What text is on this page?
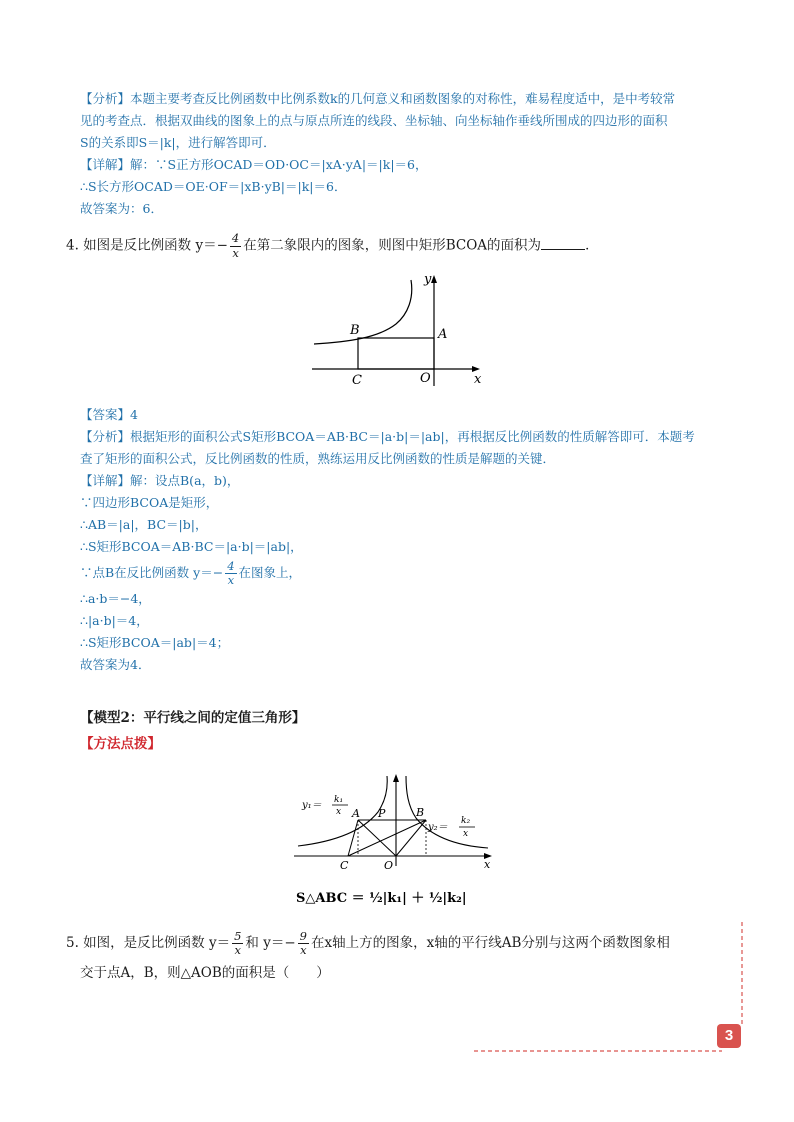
【分析】本题主要考查反比例函数中比例系数k的几何意义和函数图象的对称性，难易程度适中，是中考较常
见的考查点．根据双曲线的图象上的点与原点所连的线段、坐标轴、向坐标轴作垂线所围成的四边形的面积
S的关系即S＝|k|，进行解答即可．
【详解】解：∵S正方形OCAD＝OD·OC＝|xA·yA|＝|k|＝6，
∴S长方形OCAD＝OE·OF＝|xB·yB|＝|k|＝6．
故答案为：6．
4. 如图是反比例函数 $y=- \frac{4}{x}$ 在第二象限内的图象，则图中矩形BCOA的面积为	．
y
x
B	A
C	O
【答案】4
【分析】根据矩形的面积公式S矩形BCOA＝AB·BC＝|a·b|＝|ab|，再根据反比例函数的性质解答即可．本题考
查了矩形的面积公式，反比例函数的性质，熟练运用反比例函数的性质是解题的关键．
【详解】解：设点B(a，b)，
∵四边形BCOA是矩形，
∴AB＝|a|，BC＝|b|，
∴S矩形BCOA＝AB·BC＝|a·b|＝|ab|，
∵点B在反比例函数 $y=- \frac{4}{x}$ 在图象上，
∴a·b＝−4，
∴|a·b|＝4，
∴S矩形BCOA＝|ab|＝4；
故答案为4．
【模型2：平行线之间的定值三角形】
【方法点拨】
y₁＝ k₁
x
y₂＝
k₂
x
A P	B
C	O	x
S△ABC ＝ ½|k₁| ＋ ½|k₂|
5. 如图，是反比例函数 $y= \frac{5}{x}$ 和 $y=- \frac{9}{x}$ 在x轴上方的图象，x轴的平行线AB分别与这两个函数图象相
交于点A，B，则△AOB的面积是（　　）
3
